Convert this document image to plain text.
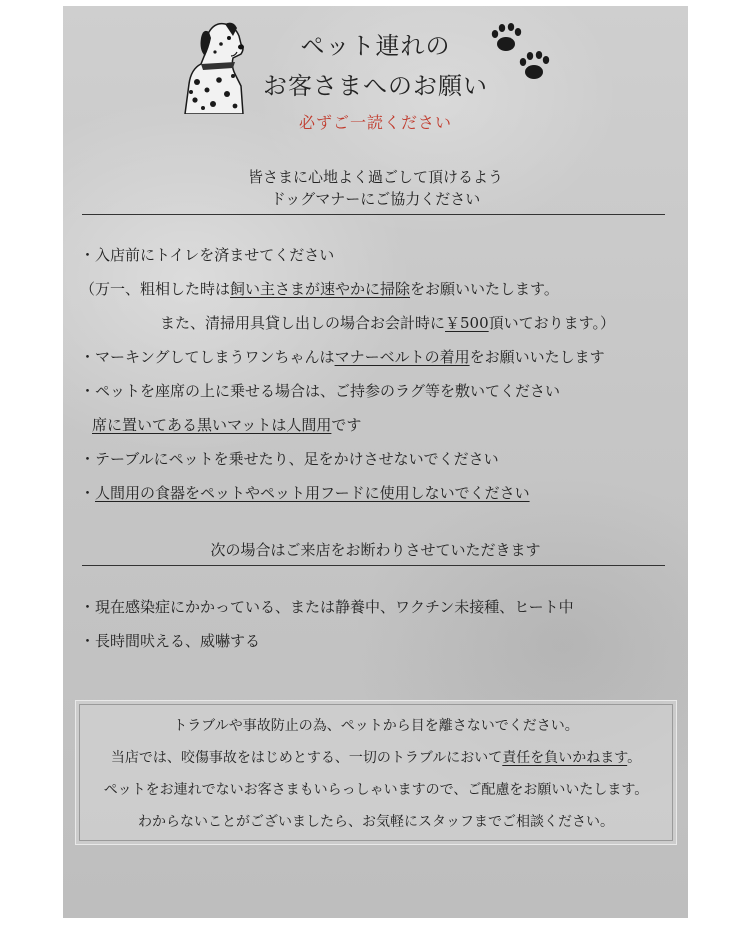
ペット連れの
お客さまへのお願い
必ずご一読ください
皆さまに心地よく過ごして頂けるよう
ドッグマナーにご協力ください
・入店前にトイレを済ませてください
（万一、粗相した時は飼い主さまが速やかに掃除をお願いいたします。
また、清掃用具貸し出しの場合お会計時に￥500頂いております。）
・マーキングしてしまうワンちゃんはマナーベルトの着用をお願いいたします
・ペットを座席の上に乗せる場合は、ご持参のラグ等を敷いてください
席に置いてある黒いマットは人間用です
・テーブルにペットを乗せたり、足をかけさせないでください
・人間用の食器をペットやペット用フードに使用しないでください
次の場合はご来店をお断わりさせていただきます
・現在感染症にかかっている、または静養中、ワクチン未接種、ヒート中
・長時間吠える、威嚇する
トラブルや事故防止の為、ペットから目を離さないでください。
当店では、咬傷事故をはじめとする、一切のトラブルにおいて責任を負いかねます。
ペットをお連れでないお客さまもいらっしゃいますので、ご配慮をお願いいたします。
わからないことがございましたら、お気軽にスタッフまでご相談ください。
